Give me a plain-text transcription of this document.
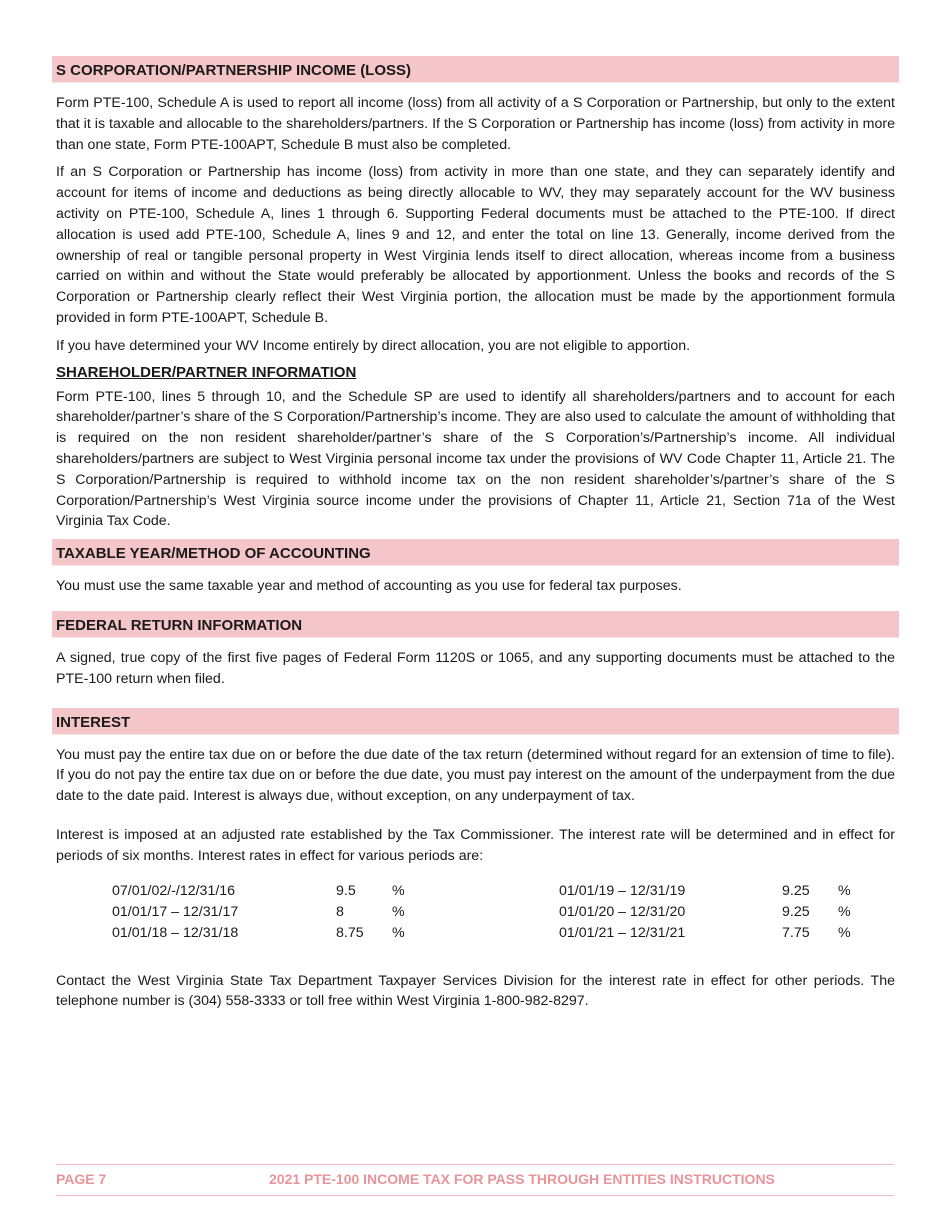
S CORPORATION/PARTNERSHIP INCOME (LOSS)

Form PTE-100, Schedule A is used to report all income (loss) from all activity of a S Corporation or Partnership, but only to the extent that it is taxable and allocable to the shareholders/partners. If the S Corporation or Partnership has income (loss) from activity in more than one state, Form PTE-100APT, Schedule B must also be completed.

If an S Corporation or Partnership has income (loss) from activity in more than one state, and they can separately identify and account for items of income and deductions as being directly allocable to WV, they may separately account for the WV business activity on PTE-100, Schedule A, lines 1 through 6. Supporting Federal documents must be attached to the PTE-100. If direct allocation is used add PTE-100, Schedule A, lines 9 and 12, and enter the total on line 13. Generally, income derived from the ownership of real or tangible personal property in West Virginia lends itself to direct allocation, whereas income from a business carried on within and without the State would preferably be allocated by apportionment. Unless the books and records of the S Corporation or Partnership clearly reflect their West Virginia portion, the allocation must be made by the apportionment formula provided in form PTE-100APT, Schedule B.

If you have determined your WV Income entirely by direct allocation, you are not eligible to apportion.

SHAREHOLDER/PARTNER INFORMATION

Form PTE-100, lines 5 through 10, and the Schedule SP are used to identify all shareholders/partners and to account for each shareholder/partner’s share of the S Corporation/Partnership’s income. They are also used to calculate the amount of withholding that is required on the non resident shareholder/partner’s share of the S Corporation’s/Partnership’s income. All individual shareholders/partners are subject to West Virginia personal income tax under the provisions of WV Code Chapter 11, Article 21. The S Corporation/Partnership is required to withhold income tax on the non resident shareholder’s/partner’s share of the S Corporation/Partnership’s West Virginia source income under the provisions of Chapter 11, Article 21, Section 71a of the West Virginia Tax Code.

TAXABLE YEAR/METHOD OF ACCOUNTING

You must use the same taxable year and method of accounting as you use for federal tax purposes.

FEDERAL RETURN INFORMATION

A signed, true copy of the first five pages of Federal Form 1120S or 1065, and any supporting documents must be attached to the PTE-100 return when filed.

INTEREST

You must pay the entire tax due on or before the due date of the tax return (determined without regard for an extension of time to file). If you do not pay the entire tax due on or before the due date, you must pay interest on the amount of the underpayment from the due date to the date paid. Interest is always due, without exception, on any underpayment of tax.

Interest is imposed at an adjusted rate established by the Tax Commissioner. The interest rate will be determined and in effect for periods of six months. Interest rates in effect for various periods are:

07/01/02/-/12/31/16	9.5	%	01/01/19 – 12/31/19	9.25 %
01/01/17 – 12/31/17	8	%	01/01/20 – 12/31/20	9.25 %
01/01/18 – 12/31/18	8.75 %	01/01/21 – 12/31/21	7.75 %

Contact the West Virginia State Tax Department Taxpayer Services Division for the interest rate in effect for other periods. The telephone number is (304) 558-3333 or toll free within West Virginia 1-800-982-8297.

PAGE 7	2021 PTE-100 INCOME TAX FOR PASS THROUGH ENTITIES INSTRUCTIONS
